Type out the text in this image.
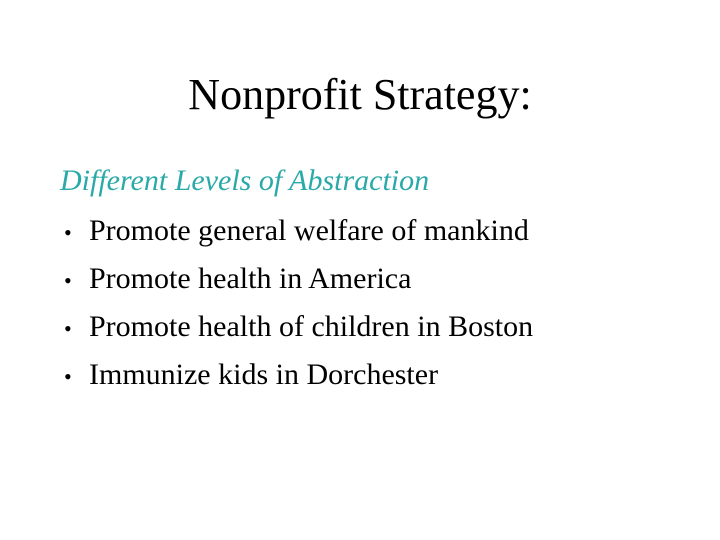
Nonprofit Strategy:

Different Levels of Abstraction

• Promote general welfare of mankind
• Promote health in America
• Promote health of children in Boston
• Immunize kids in Dorchester
